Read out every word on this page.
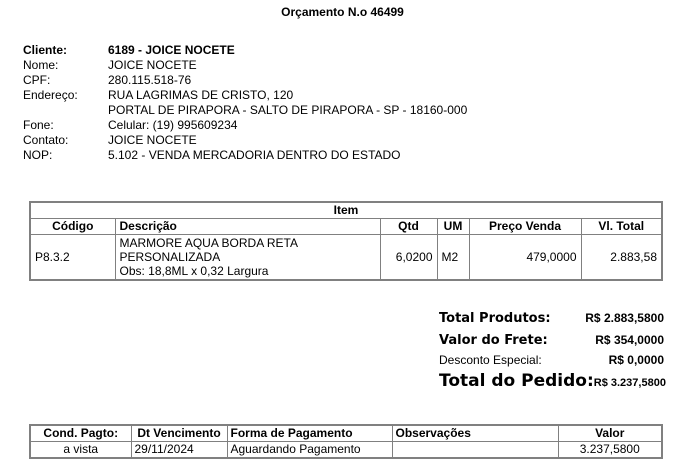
Orçamento N.o 46499
Cliente:	6189 - JOICE NOCETE
Nome:	JOICE NOCETE
CPF:	280.115.518-76
Endereço:	RUA LAGRIMAS DE CRISTO, 120
PORTAL DE PIRAPORA - SALTO DE PIRAPORA - SP - 18160-000
Fone:	Celular: (19) 995609234
Contato:	JOICE NOCETE
NOP:	5.102 - VENDA MERCADORIA DENTRO DO ESTADO
Item					
Código	Descrição	Qtd	UM	Preço Venda	Vl. Total
P8.3.2	MARMORE AQUA BORDA RETA
PERSONALIZADA
Obs: 18,8ML x 0,32 Largura	6,0200	M2	479,0000	2.883,58
Total Produtos:	R$ 2.883,5800
Valor do Frete:	R$ 354,0000
Desconto Especial:	R$ 0,0000
Total do Pedido: R$ 3.237,5800
Cond. Pagto:	Dt Vencimento	Forma de Pagamento	Observações	Valor
a vista	29/11/2024	Aguardando Pagamento		3.237,5800
